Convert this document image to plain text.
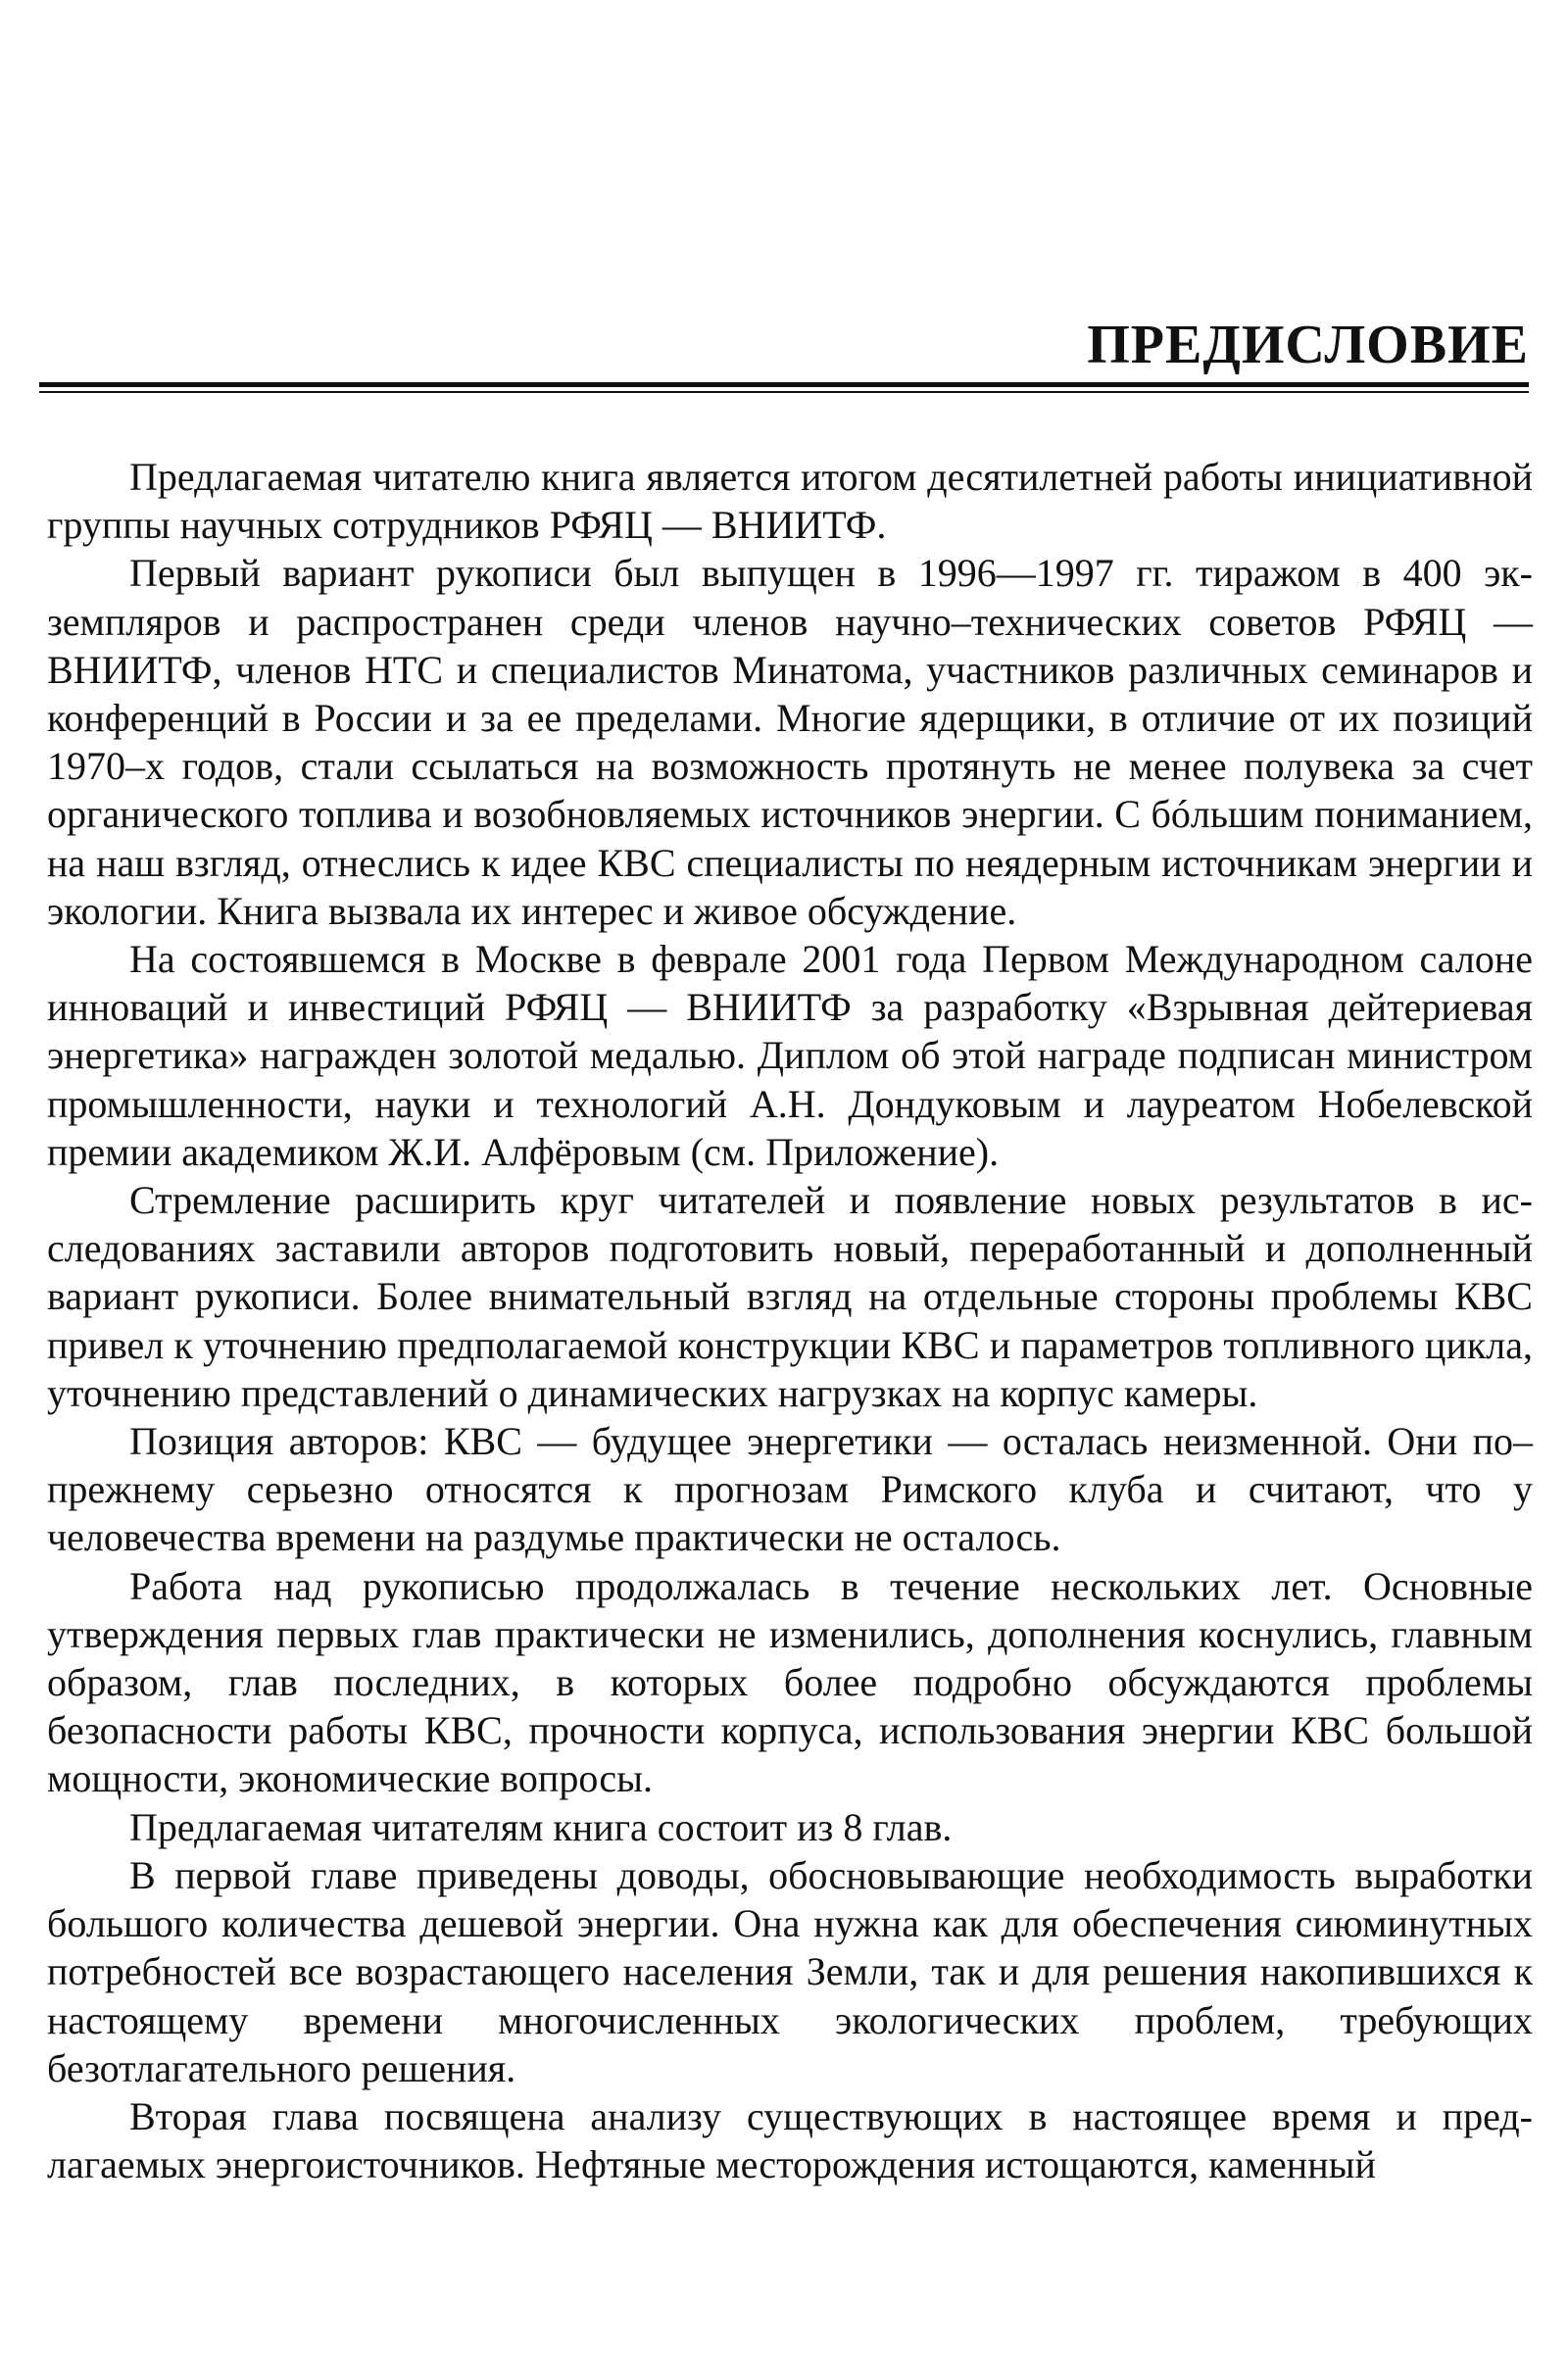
ПРЕДИСЛОВИЕ

Предлагаемая читателю книга является итогом десятилетней работы инициативной группы научных сотрудников РФЯЦ — ВНИИТФ.

Первый вариант рукописи был выпущен в 1996—1997 гг. тиражом в 400 экземпляров и распространен среди членов научно–технических советов РФЯЦ — ВНИИТФ, членов НТС и специалистов Минатома, участников различных семинаров и конференций в России и за ее пределами. Многие ядерщики, в отличие от их позиций 1970–х годов, стали ссылаться на возможность протянуть не менее полувека за счет органического топлива и возобновляемых источников энергии. С бóльшим пониманием, на наш взгляд, отнеслись к идее КВС специалисты по неядерным источникам энергии и экологии. Книга вызвала их интерес и живое обсуждение.

На состоявшемся в Москве в феврале 2001 года Первом Международном салоне инноваций и инвестиций РФЯЦ — ВНИИТФ за разработку «Взрывная дейтериевая энергетика» награжден золотой медалью. Диплом об этой награде подписан министром промышленности, науки и технологий А.Н. Дондуковым и лауреатом Нобелевской премии академиком Ж.И. Алфёровым (см. Приложение).

Стремление расширить круг читателей и появление новых результатов в исследованиях заставили авторов подготовить новый, переработанный и дополненный вариант рукописи. Более внимательный взгляд на отдельные стороны проблемы КВС привел к уточнению предполагаемой конструкции КВС и параметров топливного цикла, уточнению представлений о динамических нагрузках на корпус камеры.

Позиция авторов: КВС — будущее энергетики — осталась неизменной. Они по–прежнему серьезно относятся к прогнозам Римского клуба и считают, что у человечества времени на раздумье практически не осталось.

Работа над рукописью продолжалась в течение нескольких лет. Основные утверждения первых глав практически не изменились, дополнения коснулись, главным образом, глав последних, в которых более подробно обсуждаются проблемы безопасности работы КВС, прочности корпуса, использования энергии КВС большой мощности, экономические вопросы.

Предлагаемая читателям книга состоит из 8 глав.

В первой главе приведены доводы, обосновывающие необходимость выработки большого количества дешевой энергии. Она нужна как для обеспечения сиюминутных потребностей все возрастающего населения Земли, так и для решения накопившихся к настоящему времени многочисленных экологических проблем, требующих безотлагательного решения.

Вторая глава посвящена анализу существующих в настоящее время и предлагаемых энергоисточников. Нефтяные месторождения истощаются, каменный
